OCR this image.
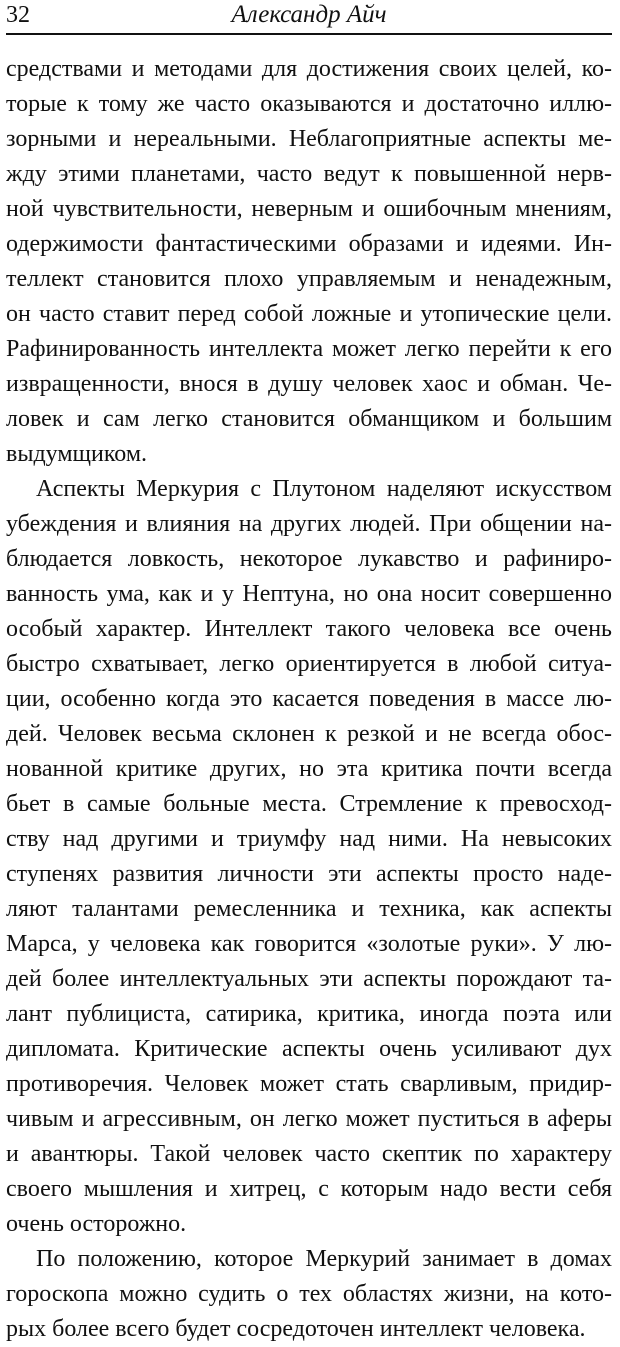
32	Александр Айч
средствами и методами для достижения своих целей, ко-
торые к тому же часто оказываются и достаточно иллю-
зорными и нереальными. Неблагоприятные аспекты ме-
жду этими планетами, часто ведут к повышенной нерв-
ной чувствительности, неверным и ошибочным мнениям,
одержимости фантастическими образами и идеями. Ин-
теллект становится плохо управляемым и ненадежным,
он часто ставит перед собой ложные и утопические цели.
Рафинированность интеллекта может легко перейти к его
извращенности, внося в душу человек хаос и обман. Че-
ловек и сам легко становится обманщиком и большим
выдумщиком.
Аспекты Меркурия с Плутоном наделяют искусством
убеждения и влияния на других людей. При общении на-
блюдается ловкость, некоторое лукавство и рафиниро-
ванность ума, как и у Нептуна, но она носит совершенно
особый характер. Интеллект такого человека все очень
быстро схватывает, легко ориентируется в любой ситуа-
ции, особенно когда это касается поведения в массе лю-
дей. Человек весьма склонен к резкой и не всегда обос-
нованной критике других, но эта критика почти всегда
бьет в самые больные места. Стремление к превосход-
ству над другими и триумфу над ними. На невысоких
ступенях развития личности эти аспекты просто наде-
ляют талантами ремесленника и техника, как аспекты
Марса, у человека как говорится «золотые руки». У лю-
дей более интеллектуальных эти аспекты порождают та-
лант публициста, сатирика, критика, иногда поэта или
дипломата. Критические аспекты очень усиливают дух
противоречия. Человек может стать сварливым, придир-
чивым и агрессивным, он легко может пуститься в аферы
и авантюры. Такой человек часто скептик по характеру
своего мышления и хитрец, с которым надо вести себя
очень осторожно.
По положению, которое Меркурий занимает в домах
гороскопа можно судить о тех областях жизни, на кото-
рых более всего будет сосредоточен интеллект человека.
